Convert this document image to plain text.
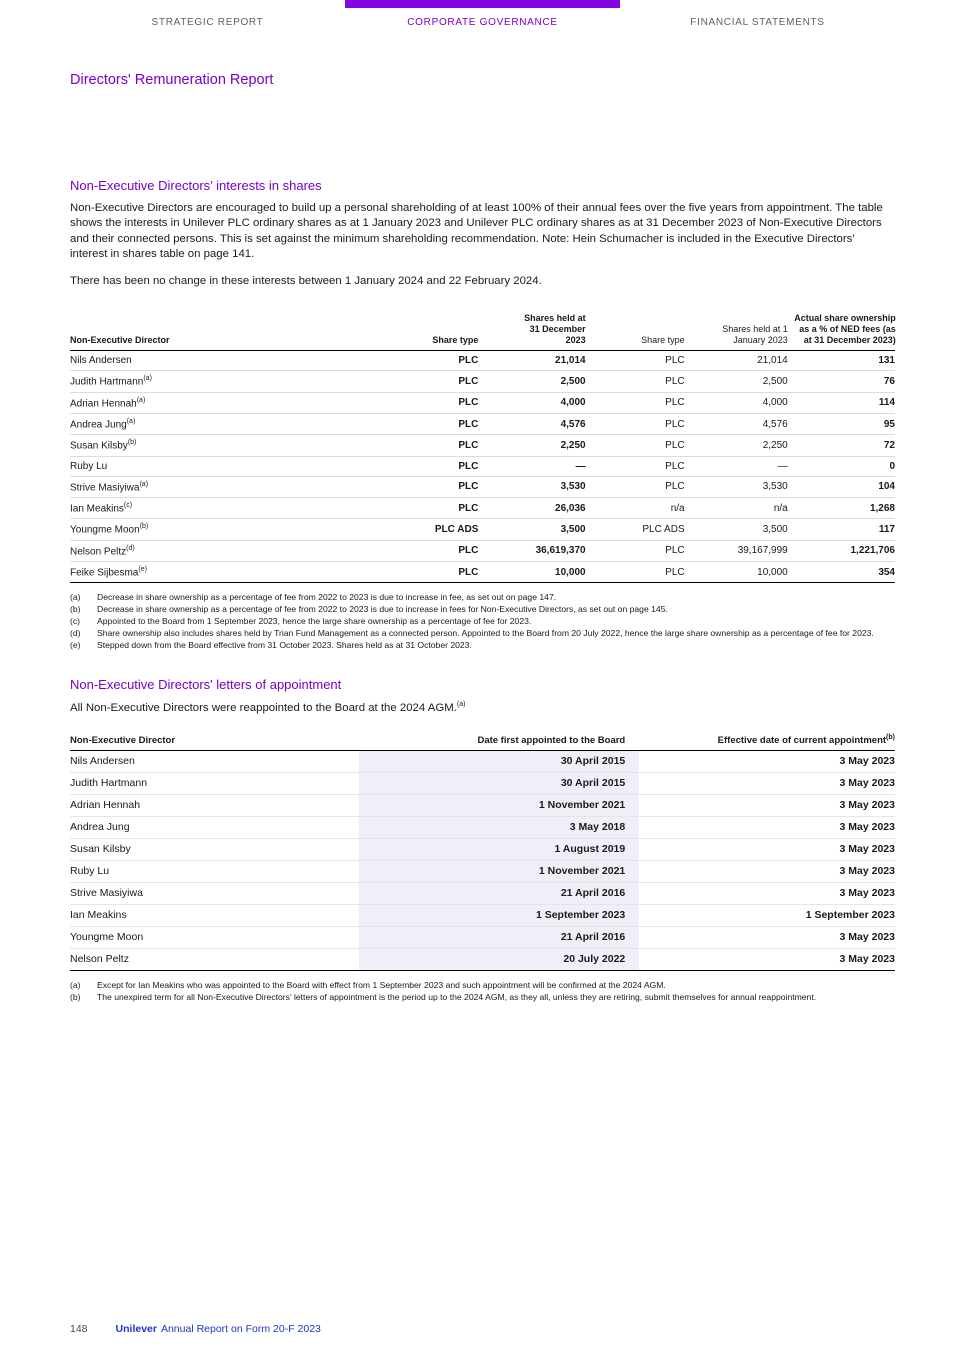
STRATEGIC REPORT	CORPORATE GOVERNANCE	FINANCIAL STATEMENTS
Directors' Remuneration Report
Non-Executive Directors’ interests in shares

Non-Executive Directors are encouraged to build up a personal shareholding of at least 100% of their annual fees over the five years from appointment. The table shows the interests in Unilever PLC ordinary shares as at 1 January 2023 and Unilever PLC ordinary shares as at 31 December 2023 of Non-Executive Directors and their connected persons. This is set against the minimum shareholding recommendation. Note: Hein Schumacher is included in the Executive Directors' interest in shares table on page 141.

There has been no change in these interests between 1 January 2024 and 22 February 2024.

Non-Executive Director	Share type	Shares held at 31 December 2023	Share type	Shares held at 1 January 2023	Actual share ownership as a % of NED fees (as at 31 December 2023)
Nils Andersen	PLC	21,014	PLC	21,014	131
Judith Hartmann$^{(a)}$	PLC	2,500	PLC	2,500	76
Adrian Hennah$^{(a)}$	PLC	4,000	PLC	4,000	114
Andrea Jung$^{(a)}$	PLC	4,576	PLC	4,576	95
Susan Kilsby$^{(b)}$	PLC	2,250	PLC	2,250	72
Ruby Lu	PLC	—	PLC	—	0
Strive Masiyiwa$^{(a)}$	PLC	3,530	PLC	3,530	104
Ian Meakins$^{(c)}$	PLC	26,036	n/a	n/a	1,268
Youngme Moon$^{(b)}$	PLC ADS	3,500	PLC ADS	3,500	117
Nelson Peltz$^{(d)}$	PLC	36,619,370	PLC	39,167,999	1,221,706
Feike Sijbesma$^{(e)}$	PLC	10,000	PLC	10,000	354
(a)	Decrease in share ownership as a percentage of fee from 2022 to 2023 is due to increase in fee, as set out on page 147.
(b)	Decrease in share ownership as a percentage of fee from 2022 to 2023 is due to increase in fees for Non-Executive Directors, as set out on page 145.
(c)	Appointed to the Board from 1 September 2023, hence the large share ownership as a percentage of fee for 2023.
(d)	Share ownership also includes shares held by Trian Fund Management as a connected person. Appointed to the Board from 20 July 2022, hence the large share ownership as a percentage of fee for 2023.
(e)	Stepped down from the Board effective from 31 October 2023. Shares held as at 31 October 2023.
Non-Executive Directors' letters of appointment

All Non-Executive Directors were reappointed to the Board at the 2024 AGM.$^{(a)}$

Non-Executive Director	Date first appointed to the Board	Effective date of current appointment$^{(b)}$
Nils Andersen	30 April 2015	3 May 2023
Judith Hartmann	30 April 2015	3 May 2023
Adrian Hennah	1 November 2021	3 May 2023
Andrea Jung	3 May 2018	3 May 2023
Susan Kilsby	1 August 2019	3 May 2023
Ruby Lu	1 November 2021	3 May 2023
Strive Masiyiwa	21 April 2016	3 May 2023
Ian Meakins	1 September 2023	1 September 2023
Youngme Moon	21 April 2016	3 May 2023
Nelson Peltz	20 July 2022	3 May 2023
(a)	Except for Ian Meakins who was appointed to the Board with effect from 1 September 2023 and such appointment will be confirmed at the 2024 AGM.
(b)	The unexpired term for all Non-Executive Directors' letters of appointment is the period up to the 2024 AGM, as they all, unless they are retiring, submit themselves for annual reappointment.
148	Unilever Annual Report on Form 20-F 2023
